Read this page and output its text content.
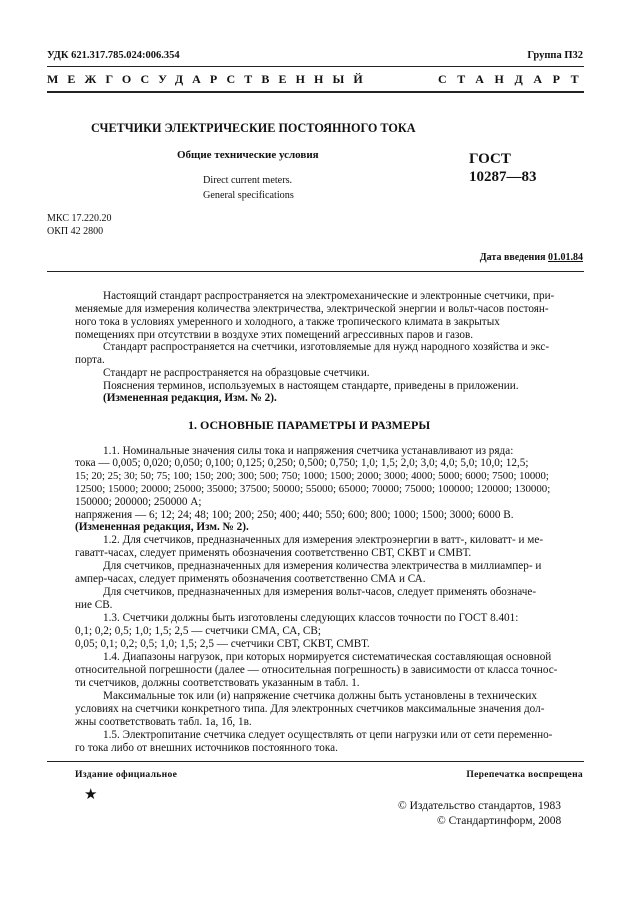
УДК 621.317.785.024:006.354	Группа П32
МЕЖГОСУДАРСТВЕННЫЙ	СТАНДАРТ
СЧЕТЧИКИ ЭЛЕКТРИЧЕСКИЕ ПОСТОЯННОГО ТОКА
Общие технические условия	ГОСТ
10287—83
Direct current meters.
General specifications
МКС 17.220.20
ОКП 42 2800
Дата введения 01.01.84
Настоящий стандарт распространяется на электромеханические и электронные счетчики, при-
меняемые для измерения количества электричества, электрической энергии и вольт-часов постоян-
ного тока в условиях умеренного и холодного, а также тропического климата в закрытых
помещениях при отсутствии в воздухе этих помещений агрессивных паров и газов.
Стандарт распространяется на счетчики, изготовляемые для нужд народного хозяйства и экс-
порта.
Стандарт не распространяется на образцовые счетчики.
Пояснения терминов, используемых в настоящем стандарте, приведены в приложении.
(Измененная редакция, Изм. № 2).
1. ОСНОВНЫЕ ПАРАМЕТРЫ И РАЗМЕРЫ
1.1. Номинальные значения силы тока и напряжения счетчика устанавливают из ряда:
тока — 0,005; 0,020; 0,050; 0,100; 0,125; 0,250; 0,500; 0,750; 1,0; 1,5; 2,0; 3,0; 4,0; 5,0; 10,0; 12,5;
15; 20; 25; 30; 50; 75; 100; 150; 200; 300; 500; 750; 1000; 1500; 2000; 3000; 4000; 5000; 6000; 7500; 10000;
12500; 15000; 20000; 25000; 35000; 37500; 50000; 55000; 65000; 70000; 75000; 100000; 120000; 130000;
150000; 200000; 250000 А;
напряжения — 6; 12; 24; 48; 100; 200; 250; 400; 440; 550; 600; 800; 1000; 1500; 3000; 6000 В.
(Измененная редакция, Изм. № 2).
1.2. Для счетчиков, предназначенных для измерения электроэнергии в ватт-, киловатт- и ме-
гаватт-часах, следует применять обозначения соответственно СВТ, СКВТ и СМВТ.
Для счетчиков, предназначенных для измерения количества электричества в миллиампер- и
ампер-часах, следует применять обозначения соответственно СМА и СА.
Для счетчиков, предназначенных для измерения вольт-часов, следует применять обозначе-
ние СВ.
1.3. Счетчики должны быть изготовлены следующих классов точности по ГОСТ 8.401:
0,1; 0,2; 0,5; 1,0; 1,5; 2,5 — счетчики СМА, СА, СВ;
0,05; 0,1; 0,2; 0,5; 1,0; 1,5; 2,5 — счетчики СВТ, СКВТ, СМВТ.
1.4. Диапазоны нагрузок, при которых нормируется систематическая составляющая основной
относительной погрешности (далее — относительная погрешность) в зависимости от класса точнос-
ти счетчиков, должны соответствовать указанным в табл. 1.
Максимальные ток или (и) напряжение счетчика должны быть установлены в технических
условиях на счетчики конкретного типа. Для электронных счетчиков максимальные значения дол-
жны соответствовать табл. 1а, 1б, 1в.
1.5. Электропитание счетчика следует осуществлять от цепи нагрузки или от сети переменно-
го тока либо от внешних источников постоянного тока.
Издание официальное	Перепечатка воспрещена
★
© Издательство стандартов, 1983
© Стандартинформ, 2008
